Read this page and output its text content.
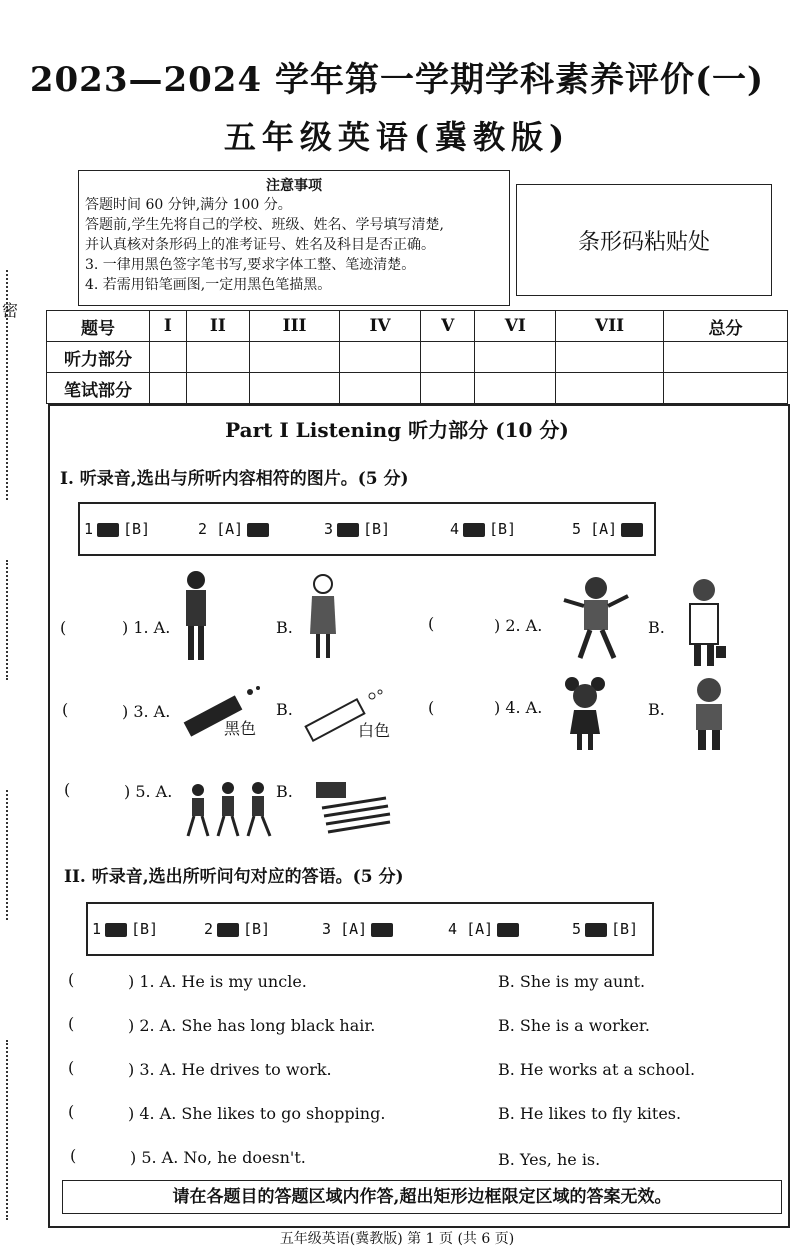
密
2023—2024 学年第一学期学科素养评价(一)
五年级英语(冀教版)
注意事项
答题时间 60 分钟,满分 100 分。
答题前,学生先将自己的学校、班级、姓名、学号填写清楚,
并认真核对条形码上的准考证号、姓名及科目是否正确。
3. 一律用黑色签字笔书写,要求字体工整、笔迹清楚。
4. 若需用铅笔画图,一定用黑色笔描黑。
条形码粘贴处
题号	I	II	III	IV	V	VI	VII	总分
听力部分								
笔试部分								
Part I Listening 听力部分 (10 分)
I. 听录音,选出与所听内容相符的图片。(5 分)
1 [B]	2 [A]	3 [B]	4 [B]	5 [A]
(	) 1. A.	B.	(	) 2. A.	B.
(	) 3. A.
黑色
B.
白色
(	) 4. A.	B.
(	) 5. A.	B.
II. 听录音,选出所听问句对应的答语。(5 分)
1 [B]	2 [B]	3 [A]	4 [A]	5 [B]
(	) 1. A. He is my uncle.	B. She is my aunt.
(	) 2. A. She has long black hair.	B. She is a worker.
(	) 3. A. He drives to work.	B. He works at a school.
(	) 4. A. She likes to go shopping.	B. He likes to fly kites.
(	) 5. A. No, he doesn't.	B. Yes, he is.
请在各题目的答题区域内作答,超出矩形边框限定区域的答案无效。
五年级英语(冀教版) 第 1 页 (共 6 页)
